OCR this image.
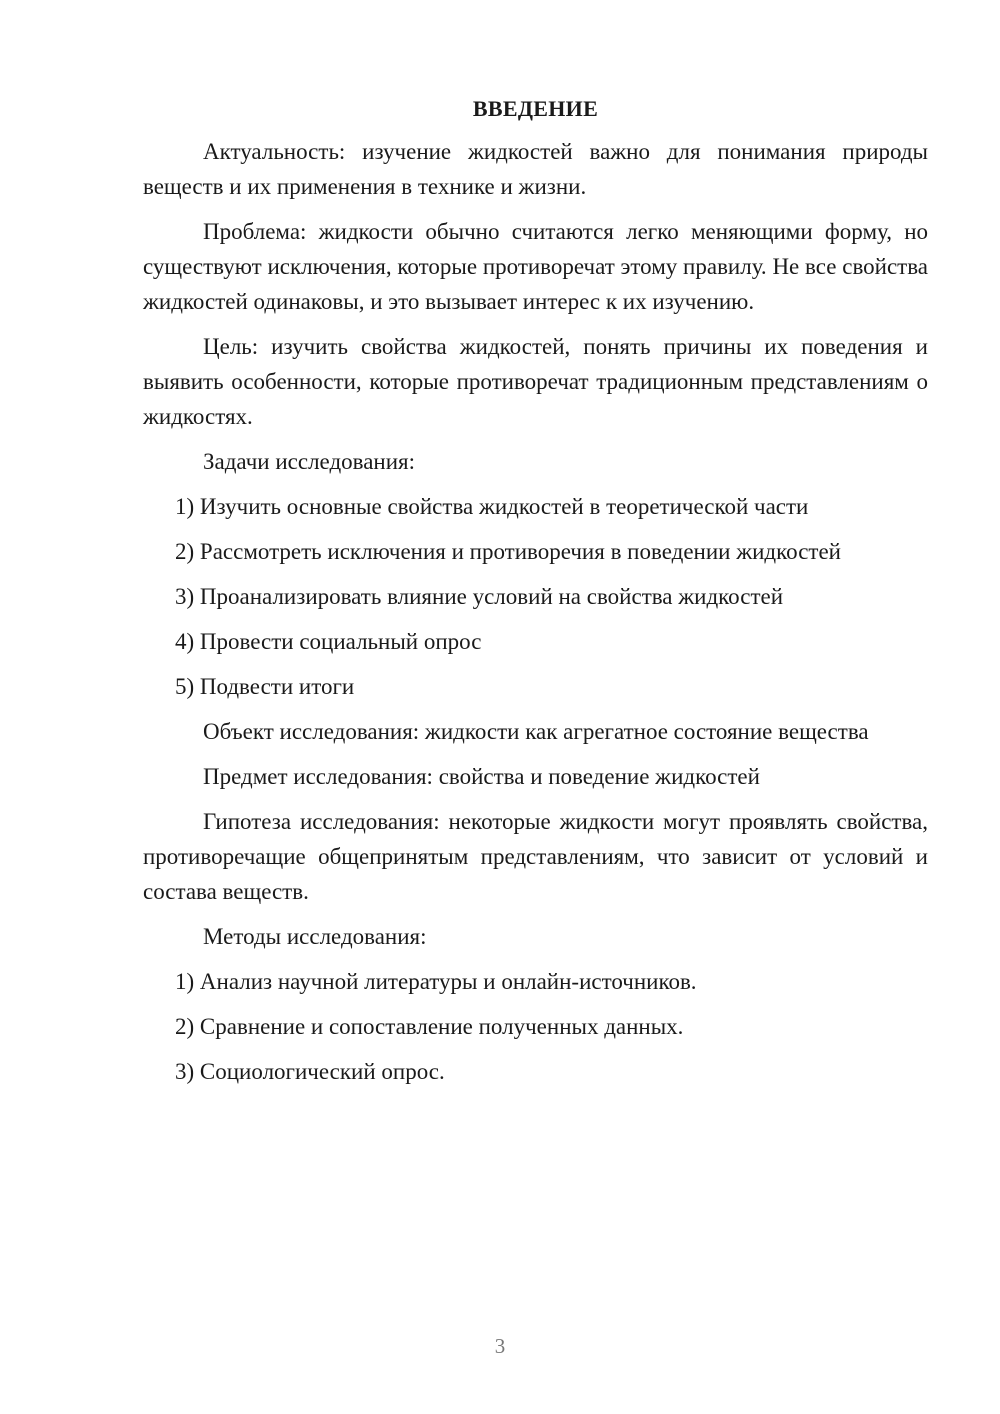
ВВЕДЕНИЕ

Актуальность: изучение жидкостей важно для понимания природы веществ и их применения в технике и жизни.

Проблема: жидкости обычно считаются легко меняющими форму, но существуют исключения, которые противоречат этому правилу. Не все свойства жидкостей одинаковы, и это вызывает интерес к их изучению.

Цель: изучить свойства жидкостей, понять причины их поведения и выявить особенности, которые противоречат традиционным представлениям о жидкостях.

Задачи исследования:
1) Изучить основные свойства жидкостей в теоретической части
2) Рассмотреть исключения и противоречия в поведении жидкостей
3) Проанализировать влияние условий на свойства жидкостей
4) Провести социальный опрос
5) Подвести итоги
Объект исследования: жидкости как агрегатное состояние вещества
Предмет исследования: свойства и поведение жидкостей

Гипотеза исследования: некоторые жидкости могут проявлять свойства, противоречащие общепринятым представлениям, что зависит от условий и состава веществ.

Методы исследования:
1) Анализ научной литературы и онлайн-источников.
2) Сравнение и сопоставление полученных данных.
3) Социологический опрос.
3
